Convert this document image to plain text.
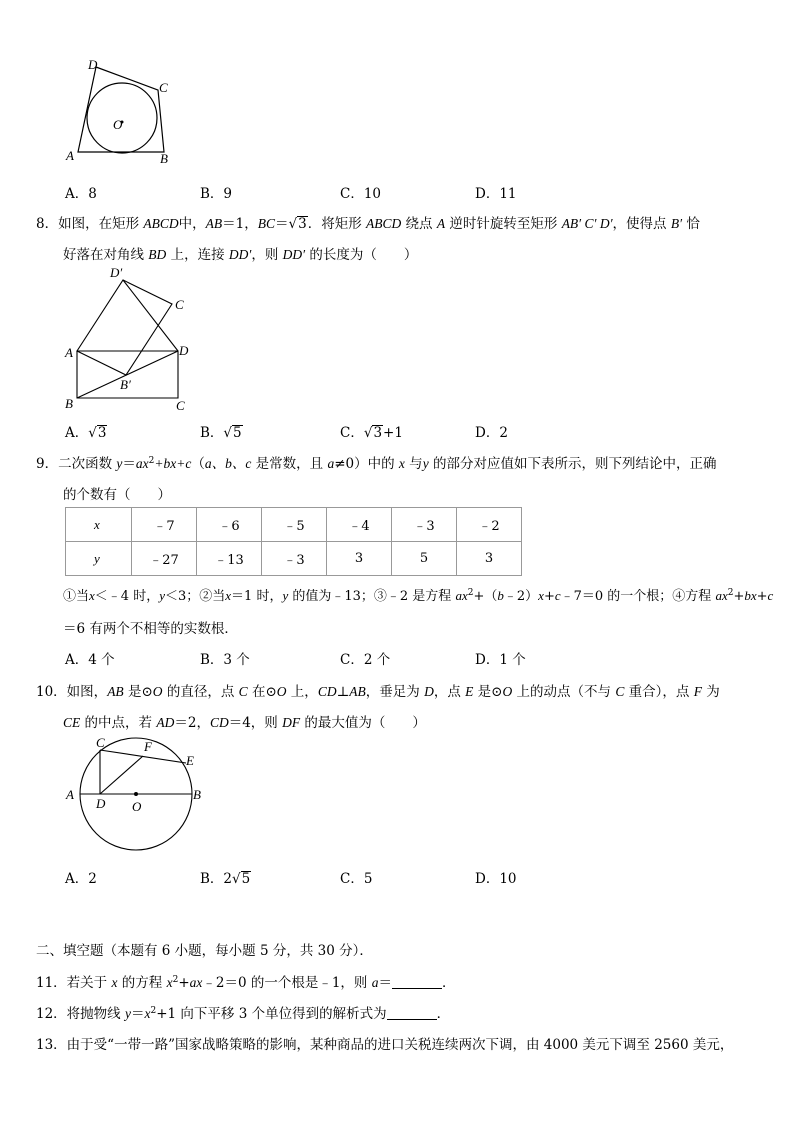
D
C
O
A	B
A．8	B．9	C．10	D．11
8．如图，在矩形 ABCD中，AB＝1，BC＝√3．将矩形 ABCD 绕点 A 逆时针旋转至矩形 AB′ C′ D′，使得点 B′ 恰
好落在对角线 BD 上，连接 DD′，则 DD′ 的长度为（　　）
D′
C
A	D
B′
B	C
A．√3	B．√5	C．√3+1	D．2
9．二次函数 $y=ax^2+bx+c(a$、b、c 是常数，且 a≠0）中的 x 与y 的部分对应值如下表所示，则下列结论中，正确
的个数有（　　）
x	﹣7	﹣6	﹣5	﹣4	﹣3	﹣2
y	﹣27	﹣13	﹣3	3	5	3
①当x＜﹣4 时，y＜3；②当x＝1 时，y 的值为﹣13；③﹣2 是方程 $ax^2+(b﹣2)x+c﹣7=0$ 的一个根；④方程 $ax^2+bx+c$
＝6 有两个不相等的实数根．
A．4 个	B．3 个	C．2 个	D．1 个
10．如图，AB 是⊙O 的直径，点 C 在⊙O 上，CD⊥AB，垂足为 D，点 E 是⊙O 上的动点（不与 C 重合），点 F 为
CE 的中点，若 AD＝2，CD＝4，则 DF 的最大值为（　　）
C	F
E
A
D O
B
A．2	B．2√5	C．5	D．10
二、填空题（本题有 6 小题，每小题 5 分，共 30 分）．
11．若关于 x 的方程 $x^2+ax﹣2=0$ 的一个根是﹣1，则 a＝	．
12．将抛物线 $y=x^2+1$ 向下平移 3 个单位得到的解析式为	．
13．由于受“一带一路”国家战略策略的影响，某种商品的进口关税连续两次下调，由 4000 美元下调至 2560 美元，
